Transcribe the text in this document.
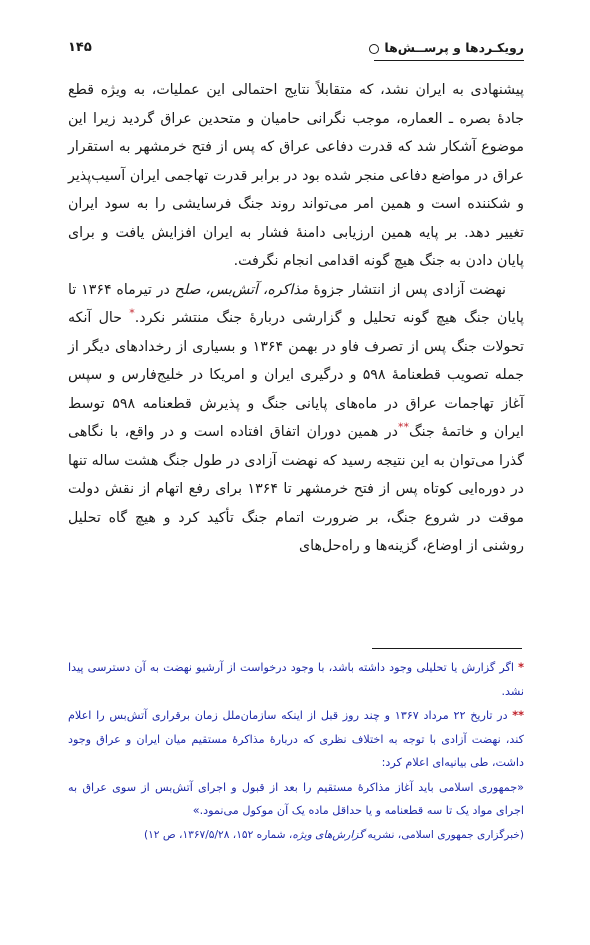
۱۴۵	رویکـردها و پرســش‌ها

پیشنهادی به ایران نشد، که متقابلاً نتایج احتمالی این عملیات، به ویژه قطع جادهٔ بصره ـ العماره، موجب نگرانی حامیان و متحدین عراق گردید زیرا این موضوع آشکار شد که قدرت دفاعی عراق که پس از فتح خرمشهر به استقرار عراق در مواضع دفاعی منجر شده بود در برابر قدرت تهاجمی ایران آسیب‌پذیر و شکننده است و همین امر می‌تواند روند جنگ فرسایشی را به سود ایران تغییر دهد. بر پایه همین ارزیابی دامنهٔ فشار به ایران افزایش یافت و برای پایان دادن به جنگ هیچ گونه اقدامی انجام نگرفت.

نهضت آزادی پس از انتشار جزوهٔ مذاکره، آتش‌بس، صلح در تیرماه ۱۳۶۴ تا پایان جنگ هیچ گونه تحلیل و گزارشی دربارهٔ جنگ منتشر نکرد.* حال آنکه تحولات جنگ پس از تصرف فاو در بهمن ۱۳۶۴ و بسیاری از رخدادهای دیگر از جمله تصویب قطعنامهٔ ۵۹۸ و درگیری ایران و امریکا در خلیج‌فارس و سپس آغاز تهاجمات عراق در ماه‌های پایانی جنگ و پذیرش قطعنامه ۵۹۸ توسط ایران و خاتمهٔ جنگ**در همین دوران اتفاق افتاده است و در واقع، با نگاهی گذرا می‌توان به این نتیجه رسید که نهضت آزادی در طول جنگ هشت ساله تنها در دوره‌ایی کوتاه پس از فتح خرمشهر تا ۱۳۶۴ برای رفع اتهام از نقش دولت موقت در شروع جنگ، بر ضرورت اتمام جنگ تأکید کرد و هیچ گاه تحلیل روشنی از اوضاع، گزینه‌ها و راه‌حل‌های

* اگر گزارش یا تحلیلی وجود داشته باشد، با وجود درخواست از آرشیو نهضت به آن دسترسی پیدا نشد.

** در تاریخ ۲۲ مرداد ۱۳۶۷ و چند روز قبل از اینکه سازمان‌ملل زمان برقراری آتش‌بس را اعلام کند، نهضت آزادی با توجه به اختلاف نظری که دربارهٔ مذاکرهٔ مستقیم میان ایران و عراق وجود داشت، طی بیانیه‌ای اعلام کرد:

«جمهوری اسلامی باید آغاز مذاکرهٔ مستقیم را بعد از قبول و اجرای آتش‌بس از سوی عراق به اجرای مواد یک تا سه قطعنامه و یا حداقل ماده یک آن موکول می‌نمود.»

(خبرگزاری جمهوری اسلامی، نشریه گزارش‌های ویژه، شماره ۱۵۲، ۱۳۶۷/۵/۲۸، ص ۱۲)
